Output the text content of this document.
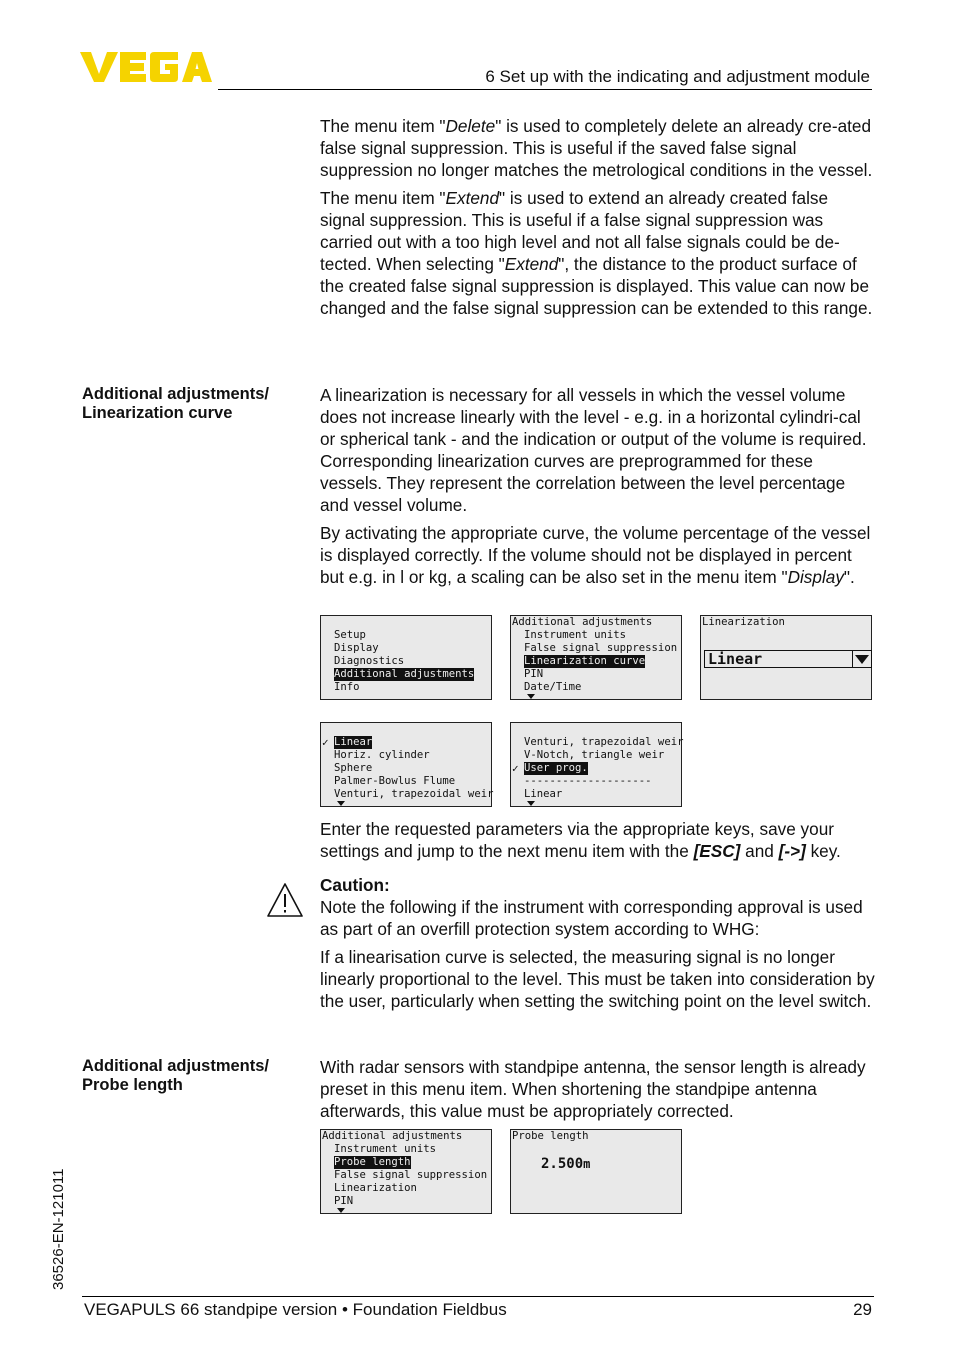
6 Set up with the indicating and adjustment module

The menu item "Delete" is used to completely delete an already cre-ated false signal suppression. This is useful if the saved false signal suppression no longer matches the metrological conditions in the vessel.

The menu item "Extend" is used to extend an already created false signal suppression. This is useful if a false signal suppression was carried out with a too high level and not all false signals could be de-tected. When selecting "Extend", the distance to the product surface of the created false signal suppression is displayed. This value can now be changed and the false signal suppression can be extended to this range.

Additional adjustments/
Linearization curve

A linearization is necessary for all vessels in which the vessel volume does not increase linearly with the level - e.g. in a horizontal cylindri-cal or spherical tank - and the indication or output of the volume is required. Corresponding linearization curves are preprogrammed for these vessels. They represent the correlation between the level percentage and vessel volume.

By activating the appropriate curve, the volume percentage of the vessel is displayed correctly. If the volume should not be displayed in percent but e.g. in l or kg, a scaling can be also set in the menu item "Display".

Setup
Display
Diagnostics
Additional adjustments
Info
Additional adjustments
Instrument units
False signal suppression
Linearization curve
PIN
Date/Time
Linearization
Linear
✓ Linear
Horiz. cylinder
Sphere
Palmer-Bowlus Flume
Venturi, trapezoidal weir
Venturi, trapezoidal weir
V-Notch, triangle weir
✓ User prog.
--------------------
Linear

Enter the requested parameters via the appropriate keys, save your settings and jump to the next menu item with the [ESC] and [->] key.

Caution:

Note the following if the instrument with corresponding approval is used as part of an overfill protection system according to WHG:

If a linearisation curve is selected, the measuring signal is no longer linearly proportional to the level. This must be taken into consideration by the user, particularly when setting the switching point on the level switch.

Additional adjustments/
Probe length

With radar sensors with standpipe antenna, the sensor length is already preset in this menu item. When shortening the standpipe antenna afterwards, this value must be appropriately corrected.

Additional adjustments
Instrument units
Probe length
False signal suppression
Linearization
PIN
Probe length
2.500m
36526-EN-121011
VEGAPULS 66 standpipe version • Foundation Fieldbus	29
